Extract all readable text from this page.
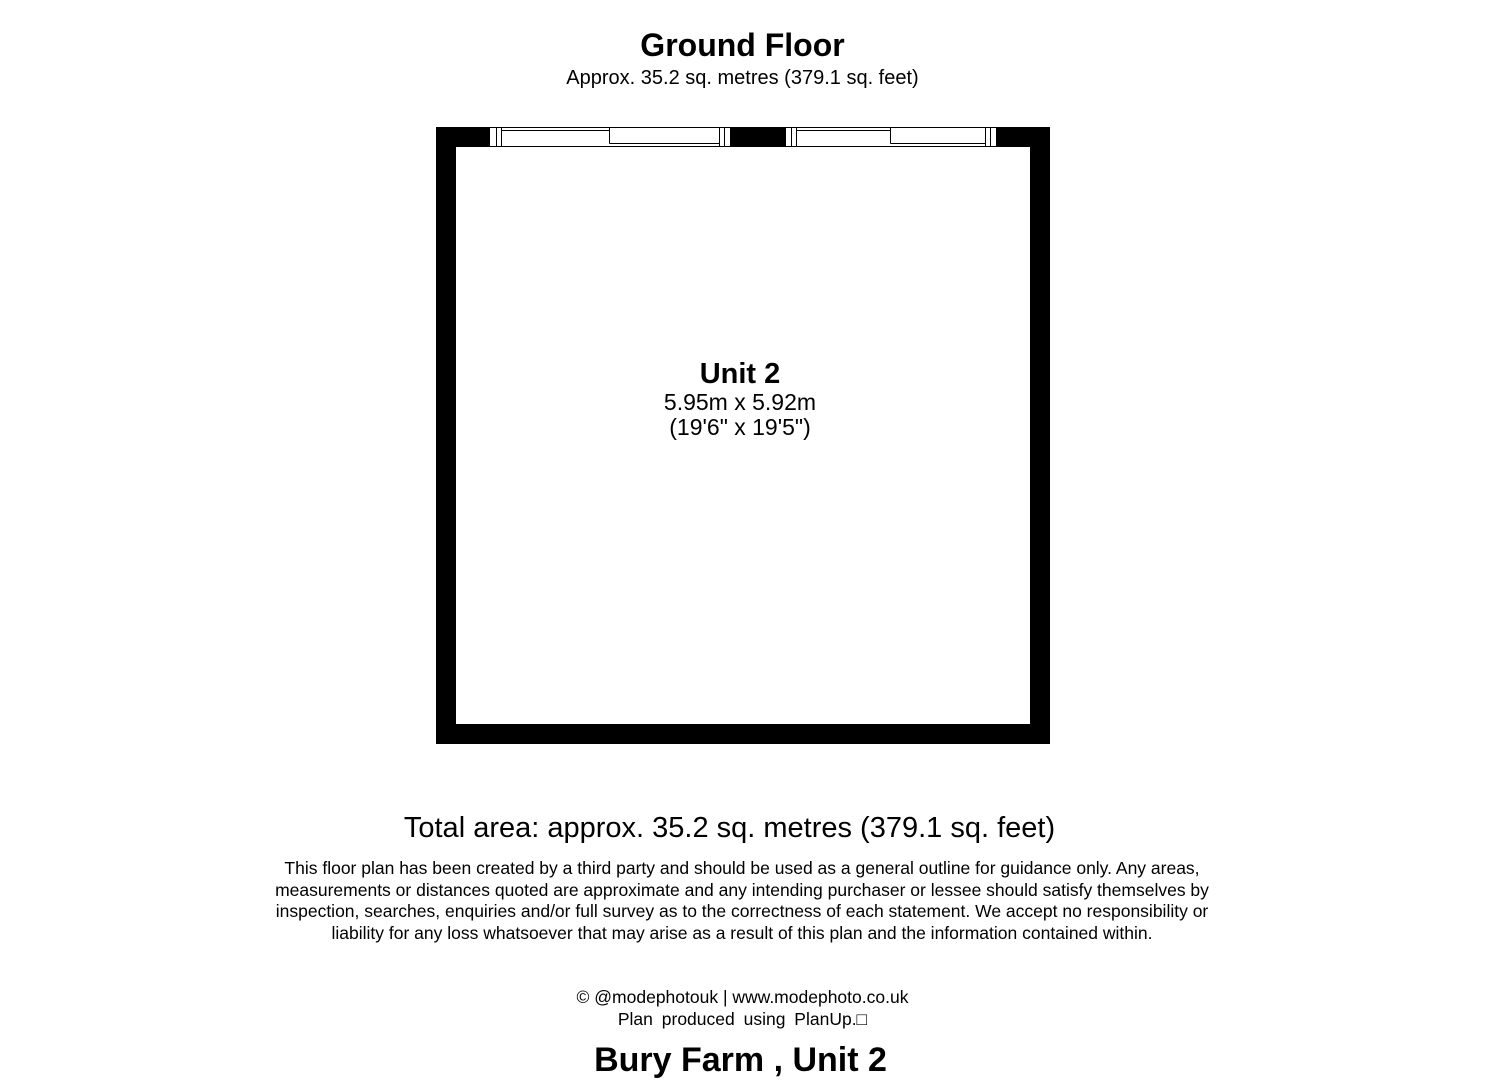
Ground Floor
Approx. 35.2 sq. metres (379.1 sq. feet)
Unit 2
5.95m x 5.92m
(19'6" x 19'5")
Total area: approx. 35.2 sq. metres (379.1 sq. feet)
This floor plan has been created by a third party and should be used as a general outline for guidance only. Any areas, measurements or distances quoted are approximate and any intending purchaser or lessee should satisfy themselves by inspection, searches, enquiries and/or full survey as to the correctness of each statement. We accept no responsibility or liability for any loss whatsoever that may arise as a result of this plan and the information contained within.
© @modephotouk | www.modephoto.co.uk
Plan produced using PlanUp.□
Bury Farm , Unit 2
